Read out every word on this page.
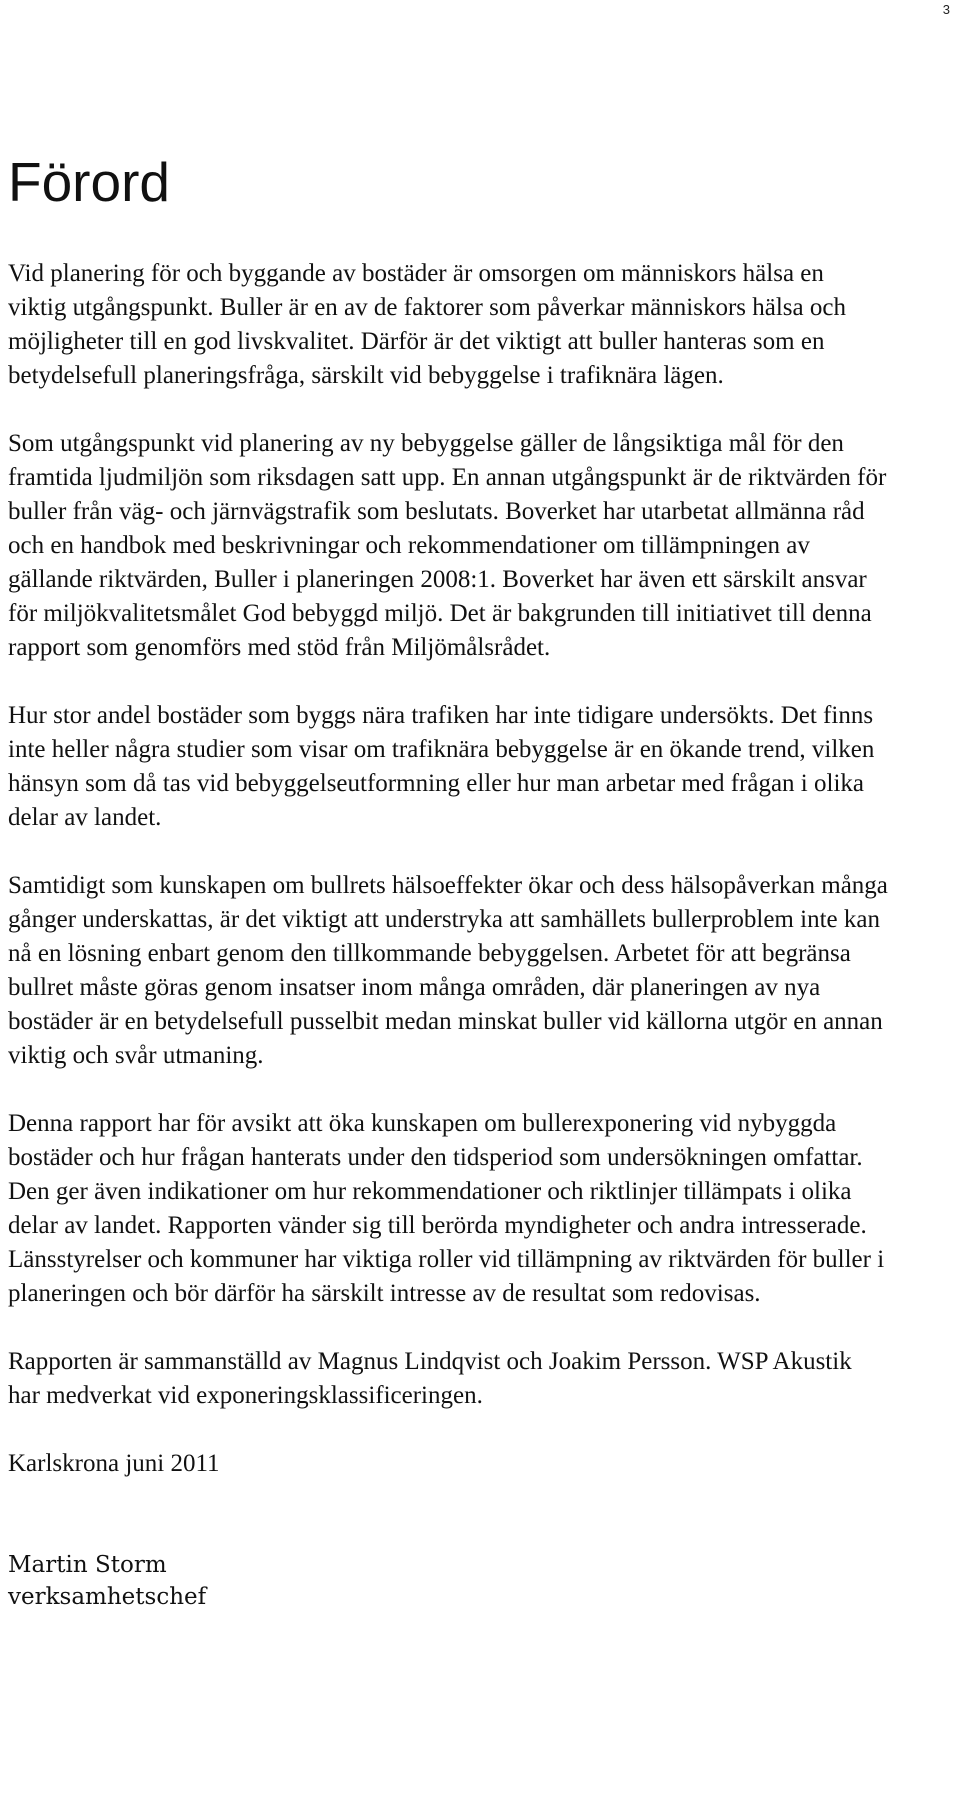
3
Förord

Vid planering för och byggande av bostäder är omsorgen om människors hälsa en viktig utgångspunkt. Buller är en av de faktorer som påverkar människors hälsa och möjligheter till en god livskvalitet. Därför är det viktigt att buller hanteras som en betydelsefull planeringsfråga, särskilt vid bebyggelse i trafiknära lägen.

Som utgångspunkt vid planering av ny bebyggelse gäller de långsiktiga mål för den framtida ljudmiljön som riksdagen satt upp. En annan utgångspunkt är de riktvärden för buller från väg- och järnvägstrafik som beslutats. Boverket har utarbetat allmänna råd och en handbok med beskrivningar och rekommendationer om tillämpningen av gällande riktvärden, Buller i planeringen 2008:1. Boverket har även ett särskilt ansvar för miljökvalitetsmålet God bebyggd miljö. Det är bakgrunden till initiativet till denna rapport som genomförs med stöd från Miljömålsrådet.

Hur stor andel bostäder som byggs nära trafiken har inte tidigare undersökts. Det finns inte heller några studier som visar om trafiknära bebyggelse är en ökande trend, vilken hänsyn som då tas vid bebyggelseutformning eller hur man arbetar med frågan i olika delar av landet.

Samtidigt som kunskapen om bullrets hälsoeffekter ökar och dess hälsopåverkan många gånger underskattas, är det viktigt att understryka att samhällets bullerproblem inte kan nå en lösning enbart genom den tillkommande bebyggelsen. Arbetet för att begränsa bullret måste göras genom insatser inom många områden, där planeringen av nya bostäder är en betydelsefull pusselbit medan minskat buller vid källorna utgör en annan viktig och svår utmaning.

Denna rapport har för avsikt att öka kunskapen om bullerexponering vid nybyggda bostäder och hur frågan hanterats under den tidsperiod som undersökningen omfattar. Den ger även indikationer om hur rekommendationer och riktlinjer tillämpats i olika delar av landet. Rapporten vänder sig till berörda myndigheter och andra intresserade. Länsstyrelser och kommuner har viktiga roller vid tillämpning av riktvärden för buller i planeringen och bör därför ha särskilt intresse av de resultat som redovisas.

Rapporten är sammanställd av Magnus Lindqvist och Joakim Persson. WSP Akustik har medverkat vid exponeringsklassificeringen.

Karlskrona juni 2011

Martin Storm
verksamhetschef
